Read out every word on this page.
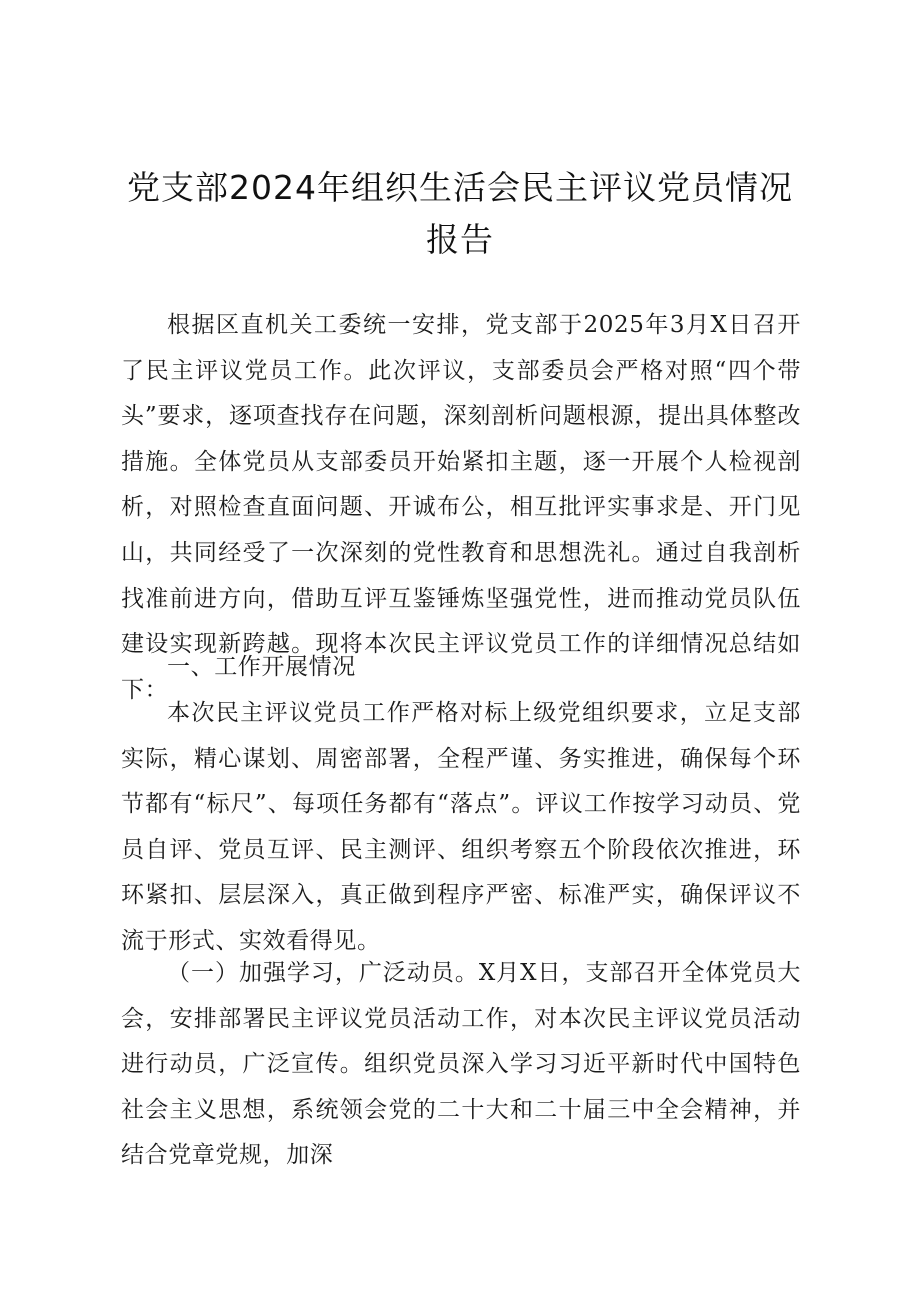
党支部2024年组织生活会民主评议党员情况
报告

根据区直机关工委统一安排，党支部于2025年3月X日召开了民主评议党员工作。此次评议，支部委员会严格对照“四个带头”要求，逐项查找存在问题，深刻剖析问题根源，提出具体整改措施。全体党员从支部委员开始紧扣主题，逐一开展个人检视剖析，对照检查直面问题、开诚布公，相互批评实事求是、开门见山，共同经受了一次深刻的党性教育和思想洗礼。通过自我剖析找准前进方向，借助互评互鉴锤炼坚强党性，进而推动党员队伍建设实现新跨越。现将本次民主评议党员工作的详细情况总结如下：

一、工作开展情况

本次民主评议党员工作严格对标上级党组织要求，立足支部实际，精心谋划、周密部署，全程严谨、务实推进，确保每个环节都有“标尺”、每项任务都有“落点”。评议工作按学习动员、党员自评、党员互评、民主测评、组织考察五个阶段依次推进，环环紧扣、层层深入，真正做到程序严密、标准严实，确保评议不流于形式、实效看得见。

（一）加强学习，广泛动员。X月X日，支部召开全体党员大会，安排部署民主评议党员活动工作，对本次民主评议党员活动进行动员，广泛宣传。组织党员深入学习习近平新时代中国特色社会主义思想，系统领会党的二十大和二十届三中全会精神，并结合党章党规，加深
